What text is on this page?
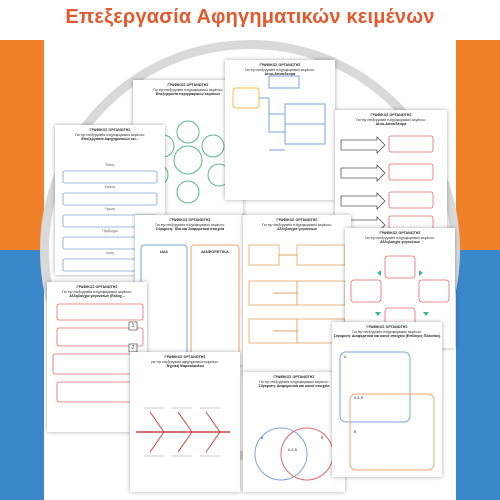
Επεξεργασία Αφηγηματικών κειμένων
ΓΡΑΦΙΚΟΣ ΟΡΓΑΝΩΤΗΣ
Για την επεξεργασία πληροφοριακού κειμένου:
Επεξεργασία περιγραφικών κειμένων
ΓΡΑΦΙΚΟΣ ΟΡΓΑΝΩΤΗΣ
Για την επεξεργασία πληροφοριακού κειμένου:
Αίτιο-Αποτέλεσμα
ΓΡΑΦΙΚΟΣ ΟΡΓΑΝΩΤΗΣ
Για την επεξεργασία πληροφοριακού κειμένου:
Αίτιο-Αποτέλεσμα
ΓΡΑΦΙΚΟΣ ΟΡΓΑΝΩΤΗΣ
Για την επεξεργασία πληροφοριακού κειμένου:
Επεξεργασία Αφηγηματικών κει...
Τόπος
Χρόνος
Ήρωες
Πρόβλημα
Λύση
ΓΡΑΦΙΚΟΣ ΟΡΓΑΝΩΤΗΣ
Για την επεξεργασία πληροφοριακού κειμένου:
Σύγκριση: Ίδια και διαφορετικά στοιχεία
ΙΔΙΑ	ΔΙΑΦΟΡΕΤΙΚΑ
ΓΡΑΦΙΚΟΣ ΟΡΓΑΝΩΤΗΣ
Για την επεξεργασία πληροφοριακού κειμένου:
Αλληλουχία γεγονότων
ΓΡΑΦΙΚΟΣ ΟΡΓΑΝΩΤΗΣ
Για την επεξεργασία πληροφοριακού κειμένου:
Αλληλουχία γεγονότων
ΓΡΑΦΙΚΟΣ ΟΡΓΑΝΩΤΗΣ
Για την επεξεργασία πληροφοριακού κειμένου:
Αλληλουχία γεγονότων (Εκδοχ...
1
2
ΓΡΑΦΙΚΟΣ ΟΡΓΑΝΩΤΗΣ
για την επεξεργασία αφηγηματικών κειμένων:
Τεχνική Ψαροκόκαλου
ΓΡΑΦΙΚΟΣ ΟΡΓΑΝΩΤΗΣ
Για την επεξεργασία πληροφοριακού κειμένου:
Σύγκριση: Διαφορετικά και κοινά στοιχεία
A
A & B
B
ΓΡΑΦΙΚΟΣ ΟΡΓΑΝΩΤΗΣ
Για την επεξεργασία πληροφοριακού κειμένου:
Σύγκριση: Διαφορετικά και κοινά στοιχεία (Επιλογές Πλαισίου)
A
A & B
B
